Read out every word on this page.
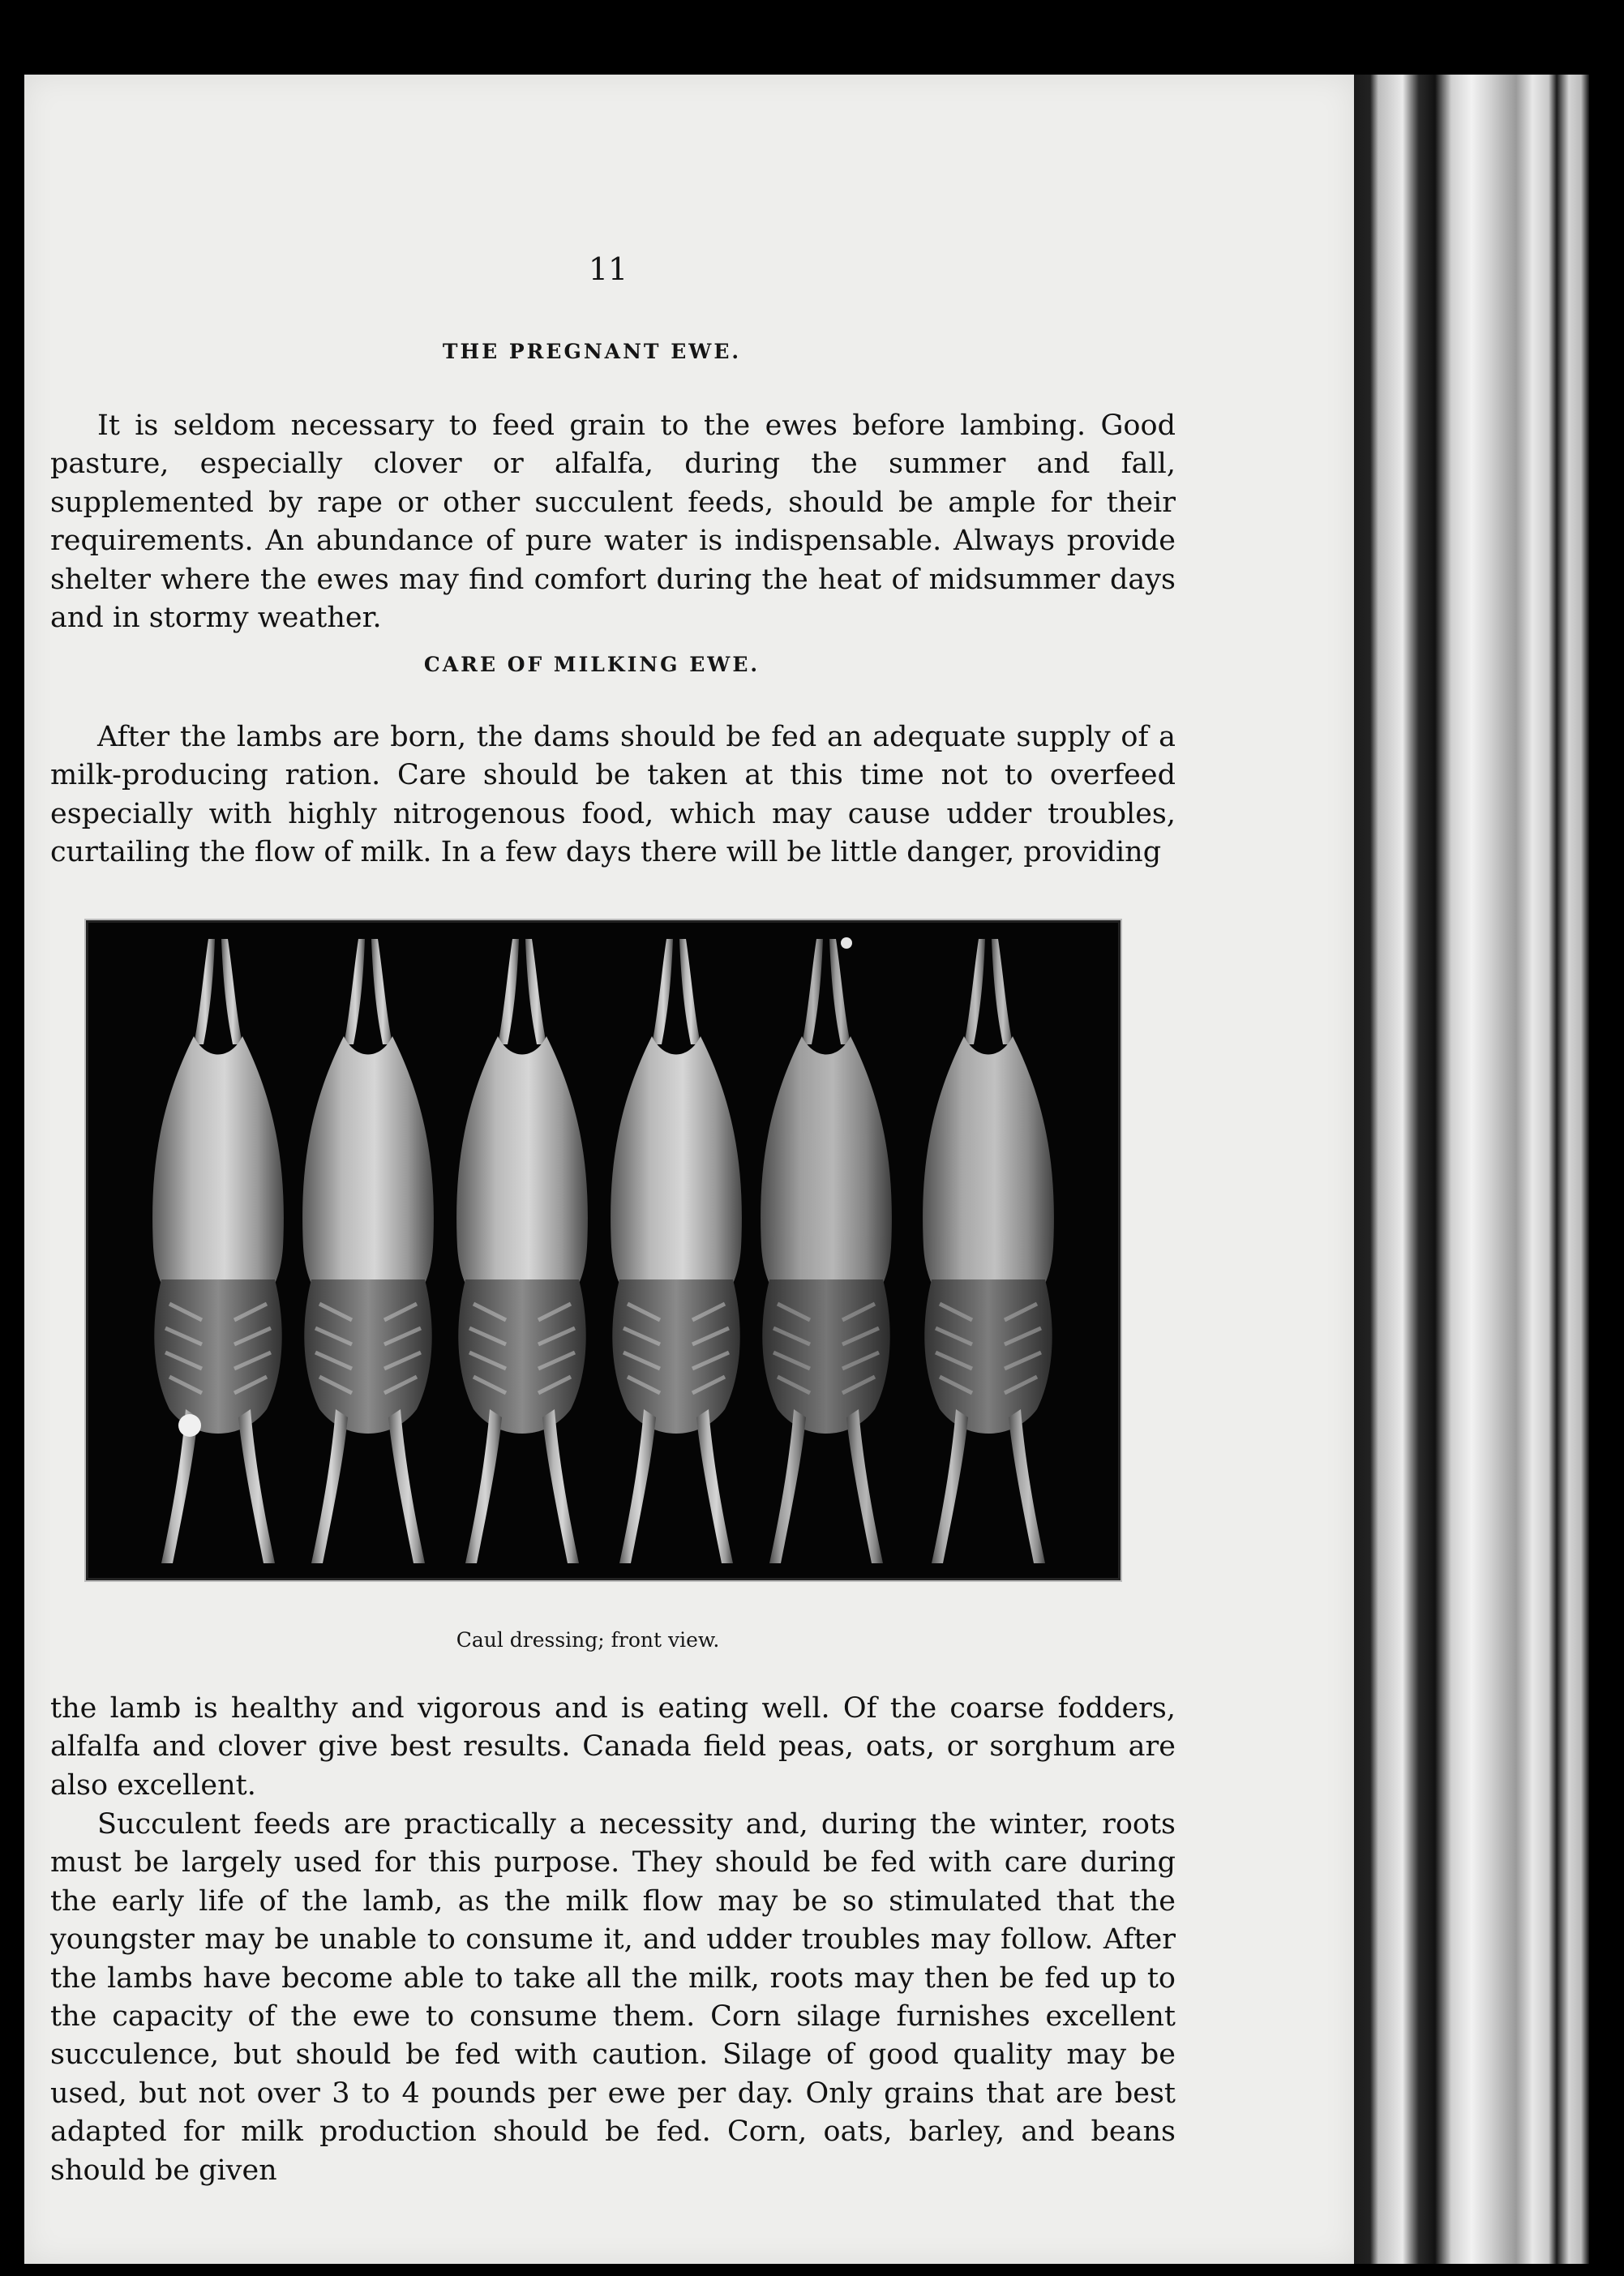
11
THE PREGNANT EWE.

It is seldom necessary to feed grain to the ewes before lambing. Good pasture, especially clover or alfalfa, during the summer and fall, supplemented by rape or other succulent feeds, should be ample for their requirements. An abundance of pure water is indispensable. Always provide shelter where the ewes may find comfort during the heat of midsummer days and in stormy weather.

CARE OF MILKING EWE.

After the lambs are born, the dams should be fed an adequate supply of a milk-producing ration. Care should be taken at this time not to overfeed especially with highly nitrogenous food, which may cause udder troubles, curtailing the flow of milk. In a few days there will be little danger, providing

Caul dressing; front view.

the lamb is healthy and vigorous and is eating well. Of the coarse fodders, alfalfa and clover give best results. Canada field peas, oats, or sorghum are also excellent.

Succulent feeds are practically a necessity and, during the winter, roots must be largely used for this purpose. They should be fed with care during the early life of the lamb, as the milk flow may be so stimulated that the youngster may be unable to consume it, and udder troubles may follow. After the lambs have become able to take all the milk, roots may then be fed up to the capacity of the ewe to consume them. Corn silage furnishes excellent succulence, but should be fed with caution. Silage of good quality may be used, but not over 3 to 4 pounds per ewe per day. Only grains that are best adapted for milk production should be fed. Corn, oats, barley, and beans should be given
